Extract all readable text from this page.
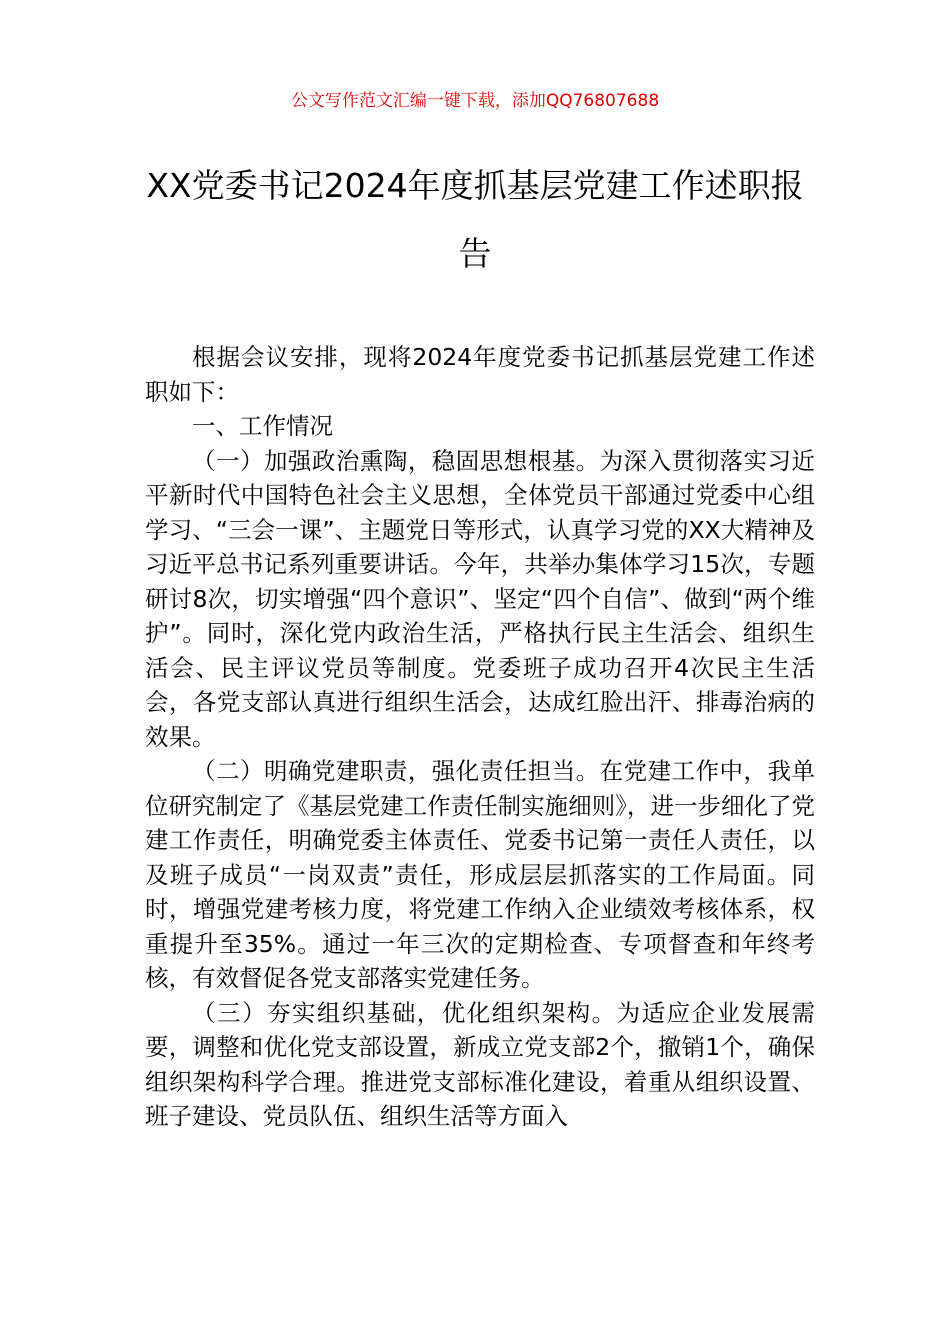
公文写作范文汇编一键下载，添加QQ76807688
XX党委书记2024年度抓基层党建工作述职报告

根据会议安排，现将2024年度党委书记抓基层党建工作述职如下：

一、工作情况

（一）加强政治熏陶，稳固思想根基。为深入贯彻落实习近平新时代中国特色社会主义思想，全体党员干部通过党委中心组学习、“三会一课”、主题党日等形式，认真学习党的XX大精神及习近平总书记系列重要讲话。今年，共举办集体学习15次，专题研讨8次，切实增强“四个意识”、坚定“四个自信”、做到“两个维护”。同时，深化党内政治生活，严格执行民主生活会、组织生活会、民主评议党员等制度。党委班子成功召开4次民主生活会，各党支部认真进行组织生活会，达成红脸出汗、排毒治病的效果。

（二）明确党建职责，强化责任担当。在党建工作中，我单位研究制定了《基层党建工作责任制实施细则》，进一步细化了党建工作责任，明确党委主体责任、党委书记第一责任人责任，以及班子成员“一岗双责”责任，形成层层抓落实的工作局面。同时，增强党建考核力度，将党建工作纳入企业绩效考核体系，权重提升至35%。通过一年三次的定期检查、专项督查和年终考核，有效督促各党支部落实党建任务。

（三）夯实组织基础，优化组织架构。为适应企业发展需要，调整和优化党支部设置，新成立党支部2个，撤销1个，确保组织架构科学合理。推进党支部标准化建设，着重从组织设置、班子建设、党员队伍、组织生活等方面入
